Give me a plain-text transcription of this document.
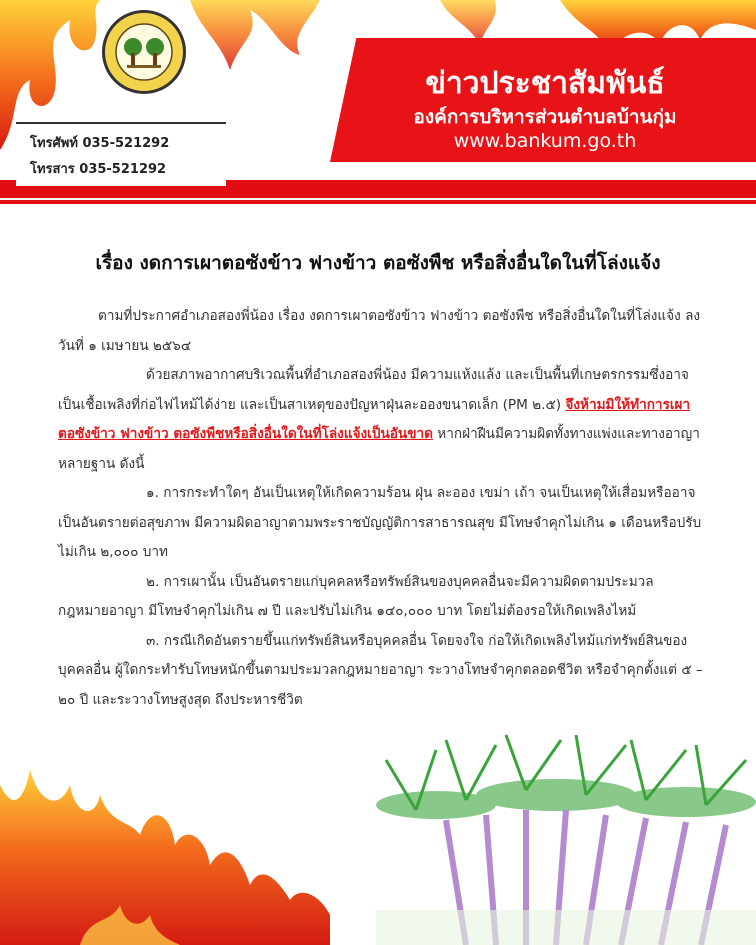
ข่าวประชาสัมพันธ์
องค์การบริหารส่วนตำบลบ้านกุ่ม
www.bankum.go.th
โทรศัพท์ 035-521292
โทรสาร 035-521292
เรื่อง งดการเผาตอซังข้าว ฟางข้าว ตอซังพืช หรือสิ่งอื่นใดในที่โล่งแจ้ง

ตามที่ประกาศอำเภอสองพี่น้อง เรื่อง งดการเผาตอซังข้าว ฟางข้าว ตอซังพืช หรือสิ่งอื่นใดในที่โล่งแจ้ง ลงวันที่ ๑ เมษายน ๒๕๖๔

ด้วยสภาพอากาศบริเวณพื้นที่อำเภอสองพี่น้อง มีความแห้งแล้ง และเป็นพื้นที่เกษตรกรรมซึ่งอาจเป็นเชื้อเพลิงที่ก่อไฟไหม้ได้ง่าย และเป็นสาเหตุของปัญหาฝุ่นละอองขนาดเล็ก (PM ๒.๕) จึงห้ามมิให้ทำการเผาตอซังข้าว ฟางข้าว ตอซังพืชหรือสิ่งอื่นใดในที่โล่งแจ้งเป็นอันขาด หากฝ่าฝืนมีความผิดทั้งทางแพ่งและทางอาญาหลายฐาน ดังนี้

๑. การกระทำใดๆ อันเป็นเหตุให้เกิดความร้อน ฝุ่น ละออง เขม่า เถ้า จนเป็นเหตุให้เสื่อมหรืออาจเป็นอันตรายต่อสุขภาพ มีความผิดอาญาตามพระราชบัญญัติการสาธารณสุข มีโทษจำคุกไม่เกิน ๑ เดือนหรือปรับไม่เกิน ๒,๐๐๐ บาท

๒. การเผานั้น เป็นอันตรายแก่บุคคลหรือทรัพย์สินของบุคคลอื่นจะมีความผิดตามประมวลกฎหมายอาญา มีโทษจำคุกไม่เกิน ๗ ปี และปรับไม่เกิน ๑๔๐,๐๐๐ บาท โดยไม่ต้องรอให้เกิดเพลิงไหม้

๓. กรณีเกิดอันตรายขึ้นแก่ทรัพย์สินหรือบุคคลอื่น โดยจงใจ ก่อให้เกิดเพลิงไหม้แก่ทรัพย์สินของบุคคลอื่น ผู้ใดกระทำรับโทษหนักขึ้นตามประมวลกฎหมายอาญา ระวางโทษจำคุกตลอดชีวิต หรือจำคุกตั้งแต่ ๕ – ๒๐ ปี และระวางโทษสูงสุด ถึงประหารชีวิต
